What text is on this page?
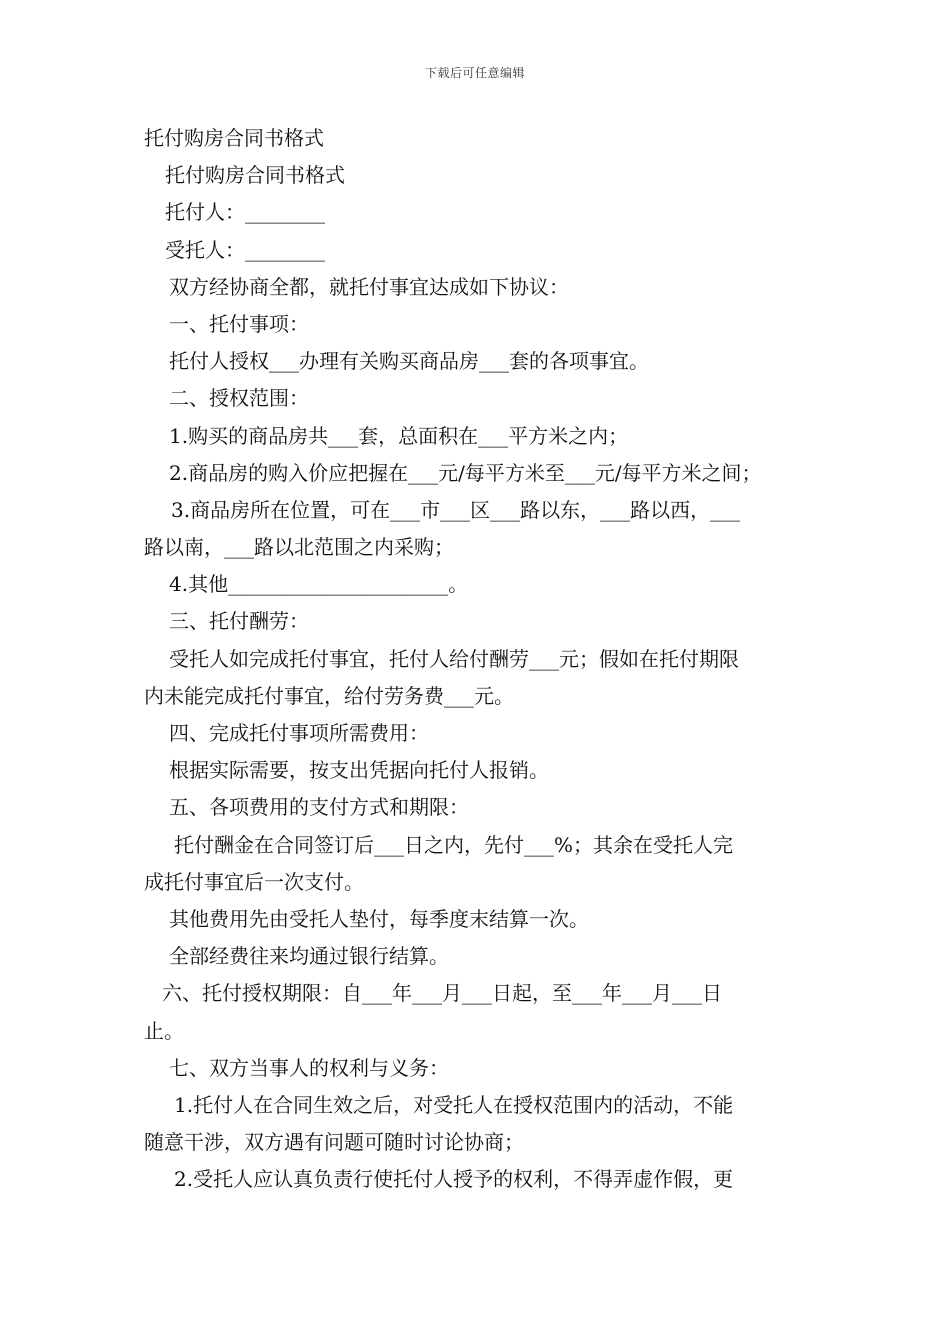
下载后可任意编辑
托付购房合同书格式
托付购房合同书格式
托付人：________
受托人：________
双方经协商全都，就托付事宜达成如下协议：
一、托付事项：
托付人授权___办理有关购买商品房___套的各项事宜。
二、授权范围：
1.购买的商品房共___套，总面积在___平方米之内；
2.商品房的购入价应把握在___元/每平方米至___元/每平方米之间；
3.商品房所在位置，可在___市___区___路以东，___路以西，___
路以南，___路以北范围之内采购；
4.其他______________________。
三、托付酬劳：
受托人如完成托付事宜，托付人给付酬劳___元；假如在托付期限
内未能完成托付事宜，给付劳务费___元。
四、完成托付事项所需费用：
根据实际需要，按支出凭据向托付人报销。
五、各项费用的支付方式和期限：
托付酬金在合同签订后___日之内，先付___%；其余在受托人完
成托付事宜后一次支付。
其他费用先由受托人垫付，每季度末结算一次。
全部经费往来均通过银行结算。
六、托付授权期限：自___年___月___日起，至___年___月___日
止。
七、双方当事人的权利与义务：
1.托付人在合同生效之后，对受托人在授权范围内的活动，不能
随意干涉，双方遇有问题可随时讨论协商；
2.受托人应认真负责行使托付人授予的权利，不得弄虚作假，更
